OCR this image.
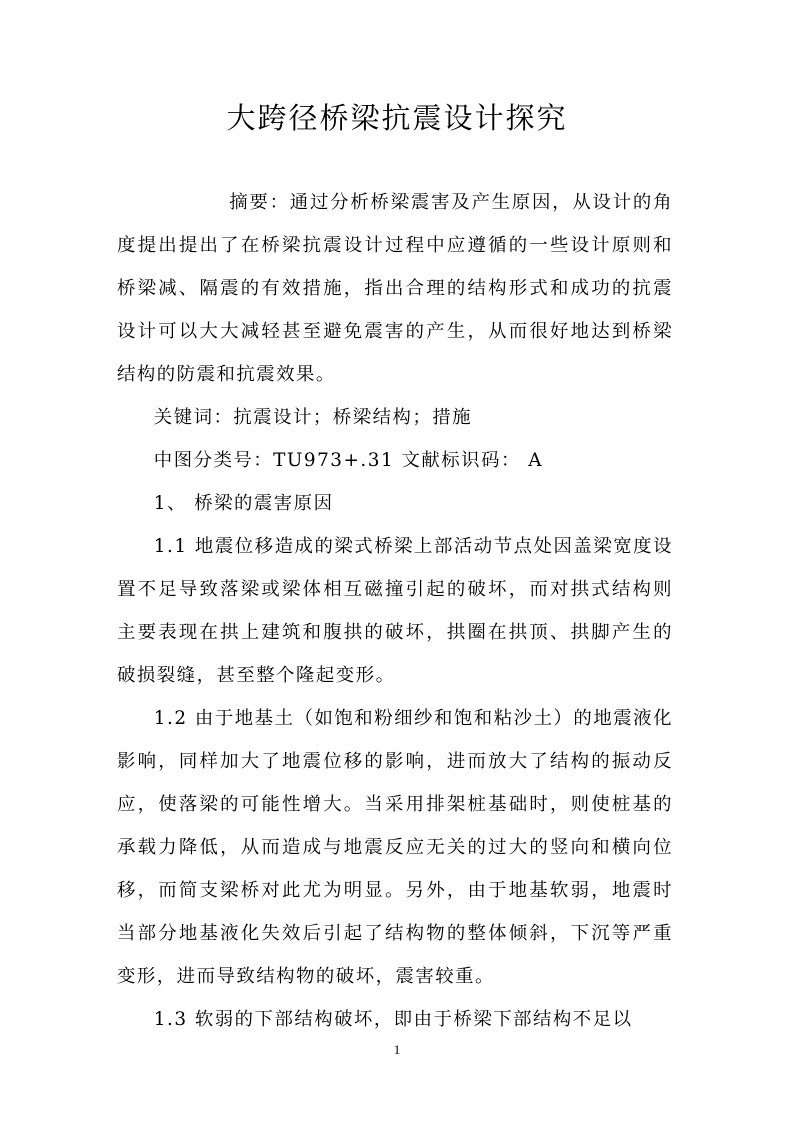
大跨径桥梁抗震设计探究

摘要：通过分析桥梁震害及产生原因，从设计的角度提出提出了在桥梁抗震设计过程中应遵循的一些设计原则和桥梁减、隔震的有效措施，指出合理的结构形式和成功的抗震设计可以大大减轻甚至避免震害的产生，从而很好地达到桥梁结构的防震和抗震效果。

关键词：抗震设计；桥梁结构；措施

中图分类号：TU973+.31 文献标识码： A

1、 桥梁的震害原因

1.1 地震位移造成的梁式桥梁上部活动节点处因盖梁宽度设置不足导致落梁或梁体相互磁撞引起的破坏，而对拱式结构则主要表现在拱上建筑和腹拱的破坏，拱圈在拱顶、拱脚产生的破损裂缝，甚至整个隆起变形。

1.2 由于地基土（如饱和粉细纱和饱和粘沙土）的地震液化影响，同样加大了地震位移的影响，进而放大了结构的振动反应，使落梁的可能性增大。当采用排架桩基础时，则使桩基的承载力降低，从而造成与地震反应无关的过大的竖向和横向位移，而简支梁桥对此尤为明显。另外，由于地基软弱，地震时当部分地基液化失效后引起了结构物的整体倾斜，下沉等严重变形，进而导致结构物的破坏，震害较重。

1.3 软弱的下部结构破坏，即由于桥梁下部结构不足以

1
